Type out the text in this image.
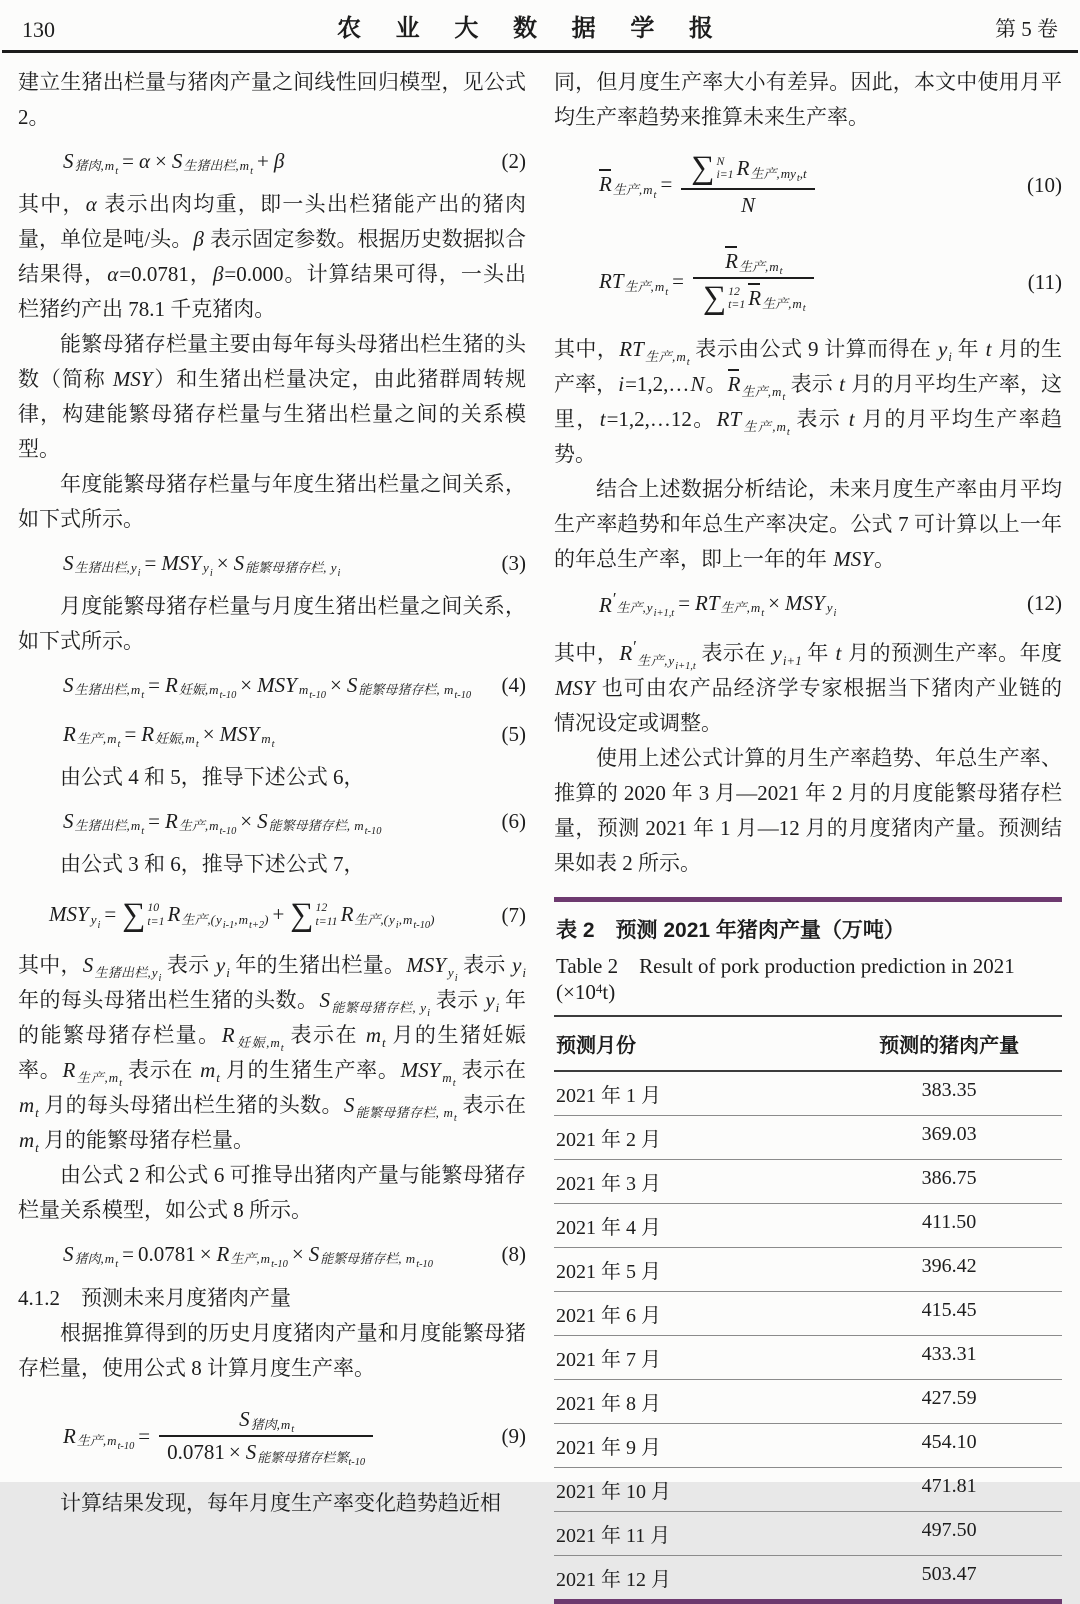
130	农 业 大 数 据 学 报	第 5 卷

建立生猪出栏量与猪肉产量之间线性回归模型，见公式 2。

S 猪肉$,m_t = \alpha \times S$ 生猪出栏$,m_t + \beta$	(2)

其中，α 表示出肉均重，即一头出栏猪能产出的猪肉量，单位是吨/头。β 表示固定参数。根据历史数据拟合结果得，α=0.0781，β=0.000。计算结果可得，一头出栏猪约产出 78.1 千克猪肉。

能繁母猪存栏量主要由每年每头母猪出栏生猪的头数（简称 MSY）和生猪出栏量决定，由此猪群周转规律，构建能繁母猪存栏量与生猪出栏量之间的关系模型。

年度能繁母猪存栏量与年度生猪出栏量之间关系，如下式所示。

S 生猪出栏$,y_i$ = MSY $y_i \times S$ 能繁母猪存栏, $y_i$	(3)

月度能繁母猪存栏量与月度生猪出栏量之间关系，如下式所示。

S 生猪出栏$,m_t = R$ 妊娠$,m_{t-10}$ × MSY $m_{t-10} \times S$ 能繁母猪存栏, $m_{t-10}$ (4)
R 生产$,m_t = R$ 妊娠$,m_t$ × MSY $m_t$	(5)

由公式 4 和 5，推导下述公式 6，

S 生猪出栏$,m_t = R$ 生产$,m_{t-10} \times S$ 能繁母猪存栏, $m_{t-10}$	(6)

由公式 3 和 6，推导下述公式 7，

MSY $y_i$ = ∑ 10
t=1 R 生产$,(y_{i-1},m_{t+2})$ + ∑ 12
t=11 R 生产$,(y_i,m_{t-10})$	(7)

其中，$S_{生猪出栏,y_i}$ 表示 $y_i$ 年的生猪出栏量。MSY $_{y_i}$ 表示 $y_i$ 年的每头母猪出栏生猪的头数。$S_{能繁母猪存栏, y_i}$ 表示 $y_i$ 年的能繁母猪存栏量。$R_{妊娠,m_t}$ 表示在 $m_t$ 月的生猪妊娠率。$R_{生产,m_t}$ 表示在 $m_t$ 月的生猪生产率。MSY $_{m_t}$ 表示在 $m_t$ 月的每头母猪出栏生猪的头数。$S_{能繁母猪存栏, m_t}$ 表示在 $m_t$ 月的能繁母猪存栏量。

由公式 2 和公式 6 可推导出猪肉产量与能繁母猪存栏量关系模型，如公式 8 所示。

S 猪肉$,m_t = 0.0781 \times R$ 生产$,m_{t-10} \times S$ 能繁母猪存栏, $m_{t-10}$	(8)
4.1.2　预测未来月度猪肉产量

根据推算得到的历史月度猪肉产量和月度能繁母猪存栏量，使用公式 8 计算月度生产率。

R 生产$,m_{t-10}$ =
S 猪肉$,m_t$
0.0781 × S 能繁母猪存栏繁$_{t-10}$
(9)

计算结果发现，每年月度生产率变化趋势趋近相

同，但月度生产率大小有差异。因此，本文中使用月平均生产率趋势来推算未来生产率。

R 生产$,m_t$ = ∑ N
i=1 R 生产$,my_t,t$
N
(10)
RT 生产$,m_t$ =
R 生产$,m_t$
∑ 12
t=1 R 生产$,m_t$
(11)

其中，$RT_{生产,m_t}$ 表示由公式 9 计算而得在 $y_i$ 年 t 月的生产率，i=1,2,…N。$R_{生产,m_t}$ 表示 t 月的月平均生产率，这里，t=1,2,…12。$RT_{生产,m_t}$ 表示 t 月的月平均生产率趋势。

结合上述数据分析结论，未来月度生产率由月平均生产率趋势和年总生产率决定。公式 7 可计算以上一年的年总生产率，即上一年的年 MSY。

R′
生产$,y_{i+1,t}$ = RT 生产$,m_t$ × MSY $y_i$	(12)

其中，$R'_{生产,y_{i+1,t}}$ 表示在 $y_{i+1}$ 年 t 月的预测生产率。年度 MSY 也可由农产品经济学专家根据当下猪肉产业链的情况设定或调整。

使用上述公式计算的月生产率趋势、年总生产率、推算的 2020 年 3 月—2021 年 2 月的月度能繁母猪存栏量，预测 2021 年 1 月—12 月的月度猪肉产量。预测结果如表 2 所示。

表 2　预测 2021 年猪肉产量（万吨）
Table 2　Result of pork production prediction in 2021 $(\times 10^4t)$
预测月份	预测的猪肉产量
2021 年 1 月	383.35
2021 年 2 月	369.03
2021 年 3 月	386.75
2021 年 4 月	411.50
2021 年 5 月	396.42
2021 年 6 月	415.45
2021 年 7 月	433.31
2021 年 8 月	427.59
2021 年 9 月	454.10
2021 年 10 月	471.81
2021 年 11 月	497.50
2021 年 12 月	503.47
